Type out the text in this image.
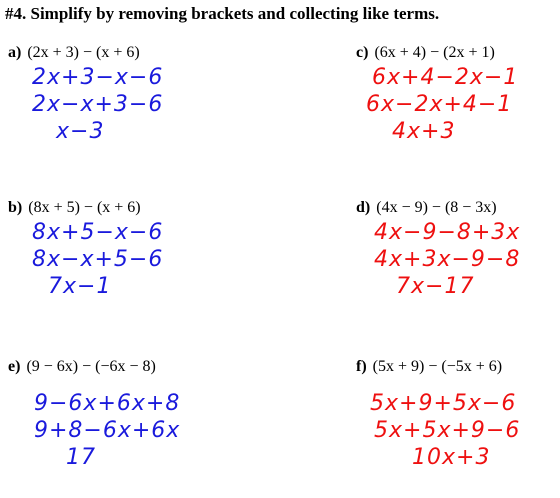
#4. Simplify by removing brackets and collecting like terms.
a) (2x + 3) − (x + 6)
2x+3−x−6
2x−x+3−6
x−3
c) (6x + 4) − (2x + 1)
6x+4−2x−1
6x−2x+4−1
4x+3
b) (8x + 5) − (x + 6)
8x+5−x−6
8x−x+5−6
7x−1
d) (4x − 9) − (8 − 3x)
4x−9−8+3x
4x+3x−9−8
7x−17
e) (9 − 6x) − (−6x − 8)
9−6x+6x+8
9+8−6x+6x
17
f) (5x + 9) − (−5x + 6)
5x+9+5x−6
5x+5x+9−6
10x+3
